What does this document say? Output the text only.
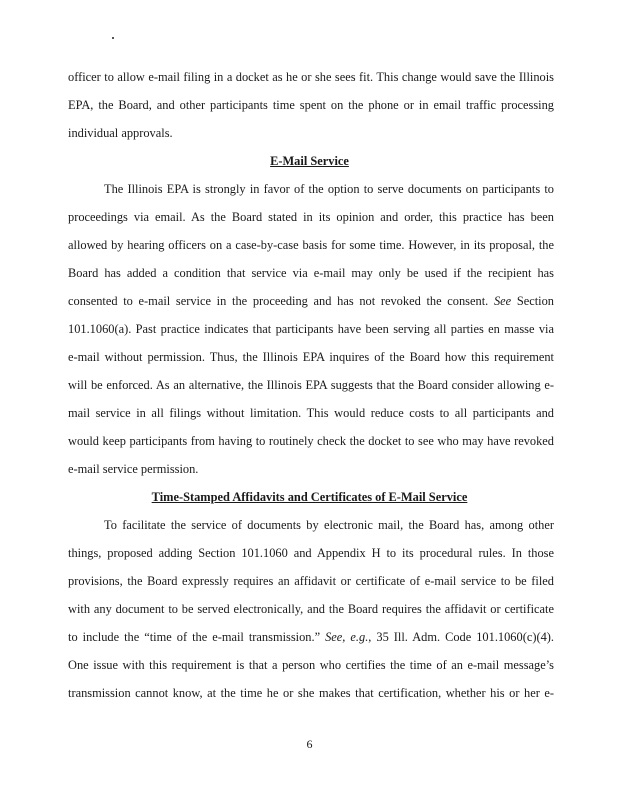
officer to allow e-mail filing in a docket as he or she sees fit. This change would save the Illinois
EPA, the Board, and other participants time spent on the phone or in email traffic processing
individual approvals.
E-Mail Service
The Illinois EPA is strongly in favor of the option to serve documents on participants to
proceedings via email. As the Board stated in its opinion and order, this practice has been
allowed by hearing officers on a case-by-case basis for some time. However, in its proposal, the
Board has added a condition that service via e-mail may only be used if the recipient has
consented to e-mail service in the proceeding and has not revoked the consent. See Section
101.1060(a). Past practice indicates that participants have been serving all parties en masse via
e-mail without permission. Thus, the Illinois EPA inquires of the Board how this requirement
will be enforced. As an alternative, the Illinois EPA suggests that the Board consider allowing e-
mail service in all filings without limitation. This would reduce costs to all participants and
would keep participants from having to routinely check the docket to see who may have revoked
e-mail service permission.
Time-Stamped Affidavits and Certificates of E-Mail Service
To facilitate the service of documents by electronic mail, the Board has, among other
things, proposed adding Section 101.1060 and Appendix H to its procedural rules. In those
provisions, the Board expressly requires an affidavit or certificate of e-mail service to be filed
with any document to be served electronically, and the Board requires the affidavit or certificate
to include the “time of the e-mail transmission.” See, e.g., 35 Ill. Adm. Code 101.1060(c)(4).
One issue with this requirement is that a person who certifies the time of an e-mail message’s
transmission cannot know, at the time he or she makes that certification, whether his or her e-
6
